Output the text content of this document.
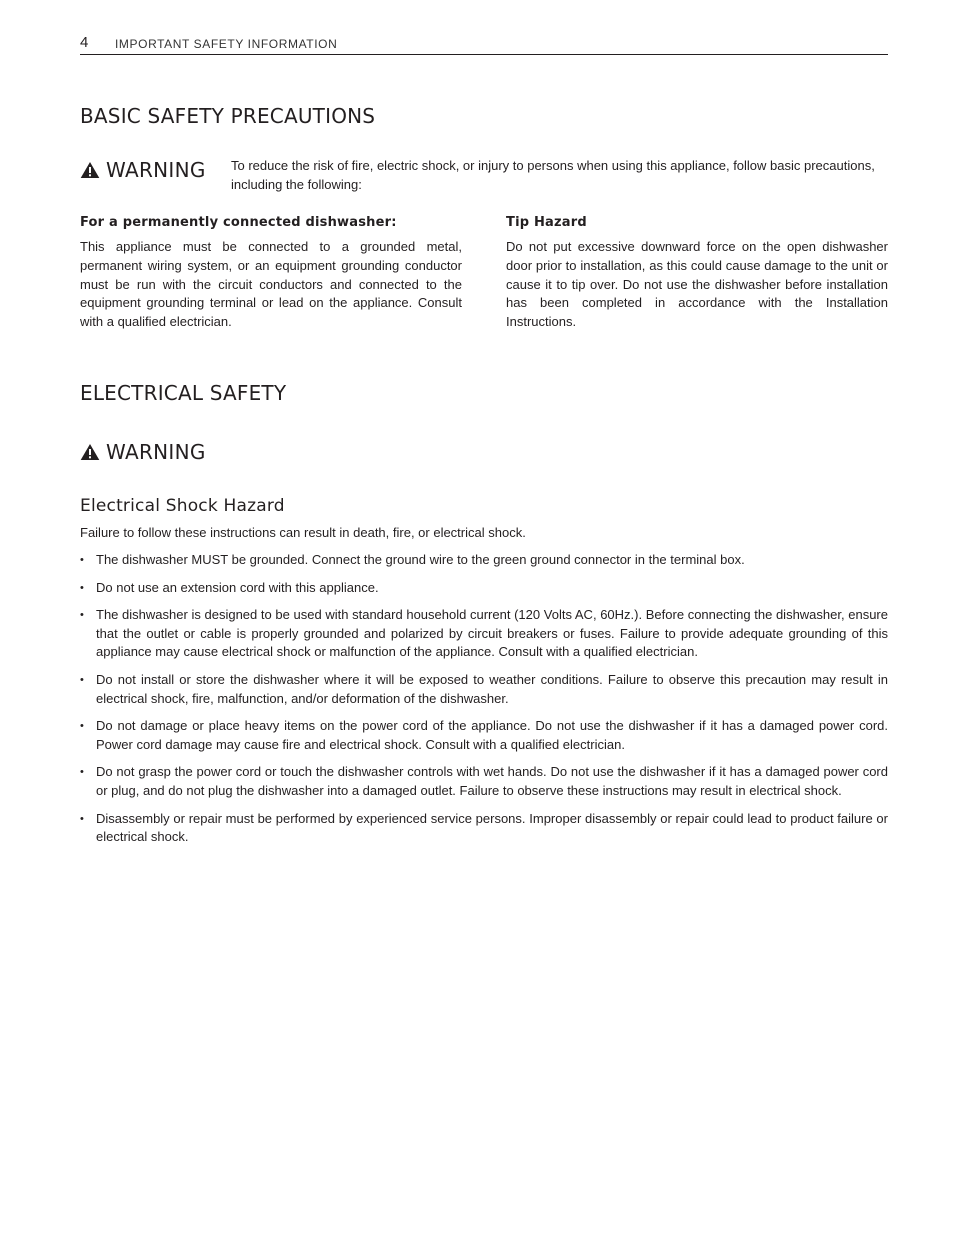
4 IMPORTANT SAFETY INFORMATION
BASIC SAFETY PRECAUTIONS
WARNING To reduce the risk of fire, electric shock, or injury to persons when using this appliance, follow basic precautions, including the following:

For a permanently connected dishwasher:

This appliance must be connected to a grounded metal, permanent wiring system, or an equipment grounding conductor must be run with the circuit conductors and connected to the equipment grounding terminal or lead on the appliance. Consult with a qualified electrician.

Tip Hazard

Do not put excessive downward force on the open dishwasher door prior to installation, as this could cause damage to the unit or cause it to tip over. Do not use the dishwasher before installation has been completed in accordance with the Installation Instructions.

ELECTRICAL SAFETY
WARNING
Electrical Shock Hazard

Failure to follow these instructions can result in death, fire, or electrical shock.

• The dishwasher MUST be grounded. Connect the ground wire to the green ground connector in the terminal box.
• Do not use an extension cord with this appliance.
• The dishwasher is designed to be used with standard household current (120 Volts AC, 60Hz.). Before connecting the dishwasher, ensure that the outlet or cable is properly grounded and polarized by circuit breakers or fuses. Failure to provide adequate grounding of this appliance may cause electrical shock or malfunction of the appliance. Consult with a qualified electrician.
• Do not install or store the dishwasher where it will be exposed to weather conditions. Failure to observe this precaution may result in electrical shock, fire, malfunction, and/or deformation of the dishwasher.
• Do not damage or place heavy items on the power cord of the appliance. Do not use the dishwasher if it has a damaged power cord. Power cord damage may cause fire and electrical shock. Consult with a qualified electrician.
• Do not grasp the power cord or touch the dishwasher controls with wet hands. Do not use the dishwasher if it has a damaged power cord or plug, and do not plug the dishwasher into a damaged outlet. Failure to observe these instructions may result in electrical shock.
• Disassembly or repair must be performed by experienced service persons. Improper disassembly or repair could lead to product failure or electrical shock.
